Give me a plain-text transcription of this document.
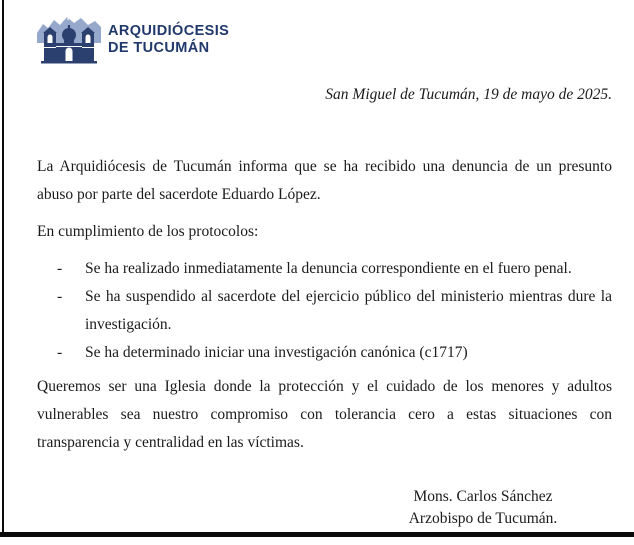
ARQUIDIÓCESIS
DE TUCUMÁN

San Miguel de Tucumán, 19 de mayo de 2025.

La Arquidiócesis de Tucumán informa que se ha recibido una denuncia de un presunto abuso por parte del sacerdote Eduardo López.

En cumplimiento de los protocolos:

-	Se ha realizado inmediatamente la denuncia correspondiente en el fuero penal.
-	Se ha suspendido al sacerdote del ejercicio público del ministerio mientras dure la investigación.
-	Se ha determinado iniciar una investigación canónica (c1717)

Queremos ser una Iglesia donde la protección y el cuidado de los menores y adultos vulnerables sea nuestro compromiso con tolerancia cero a estas situaciones con transparencia y centralidad en las víctimas.

Mons. Carlos Sánchez

Arzobispo de Tucumán.
